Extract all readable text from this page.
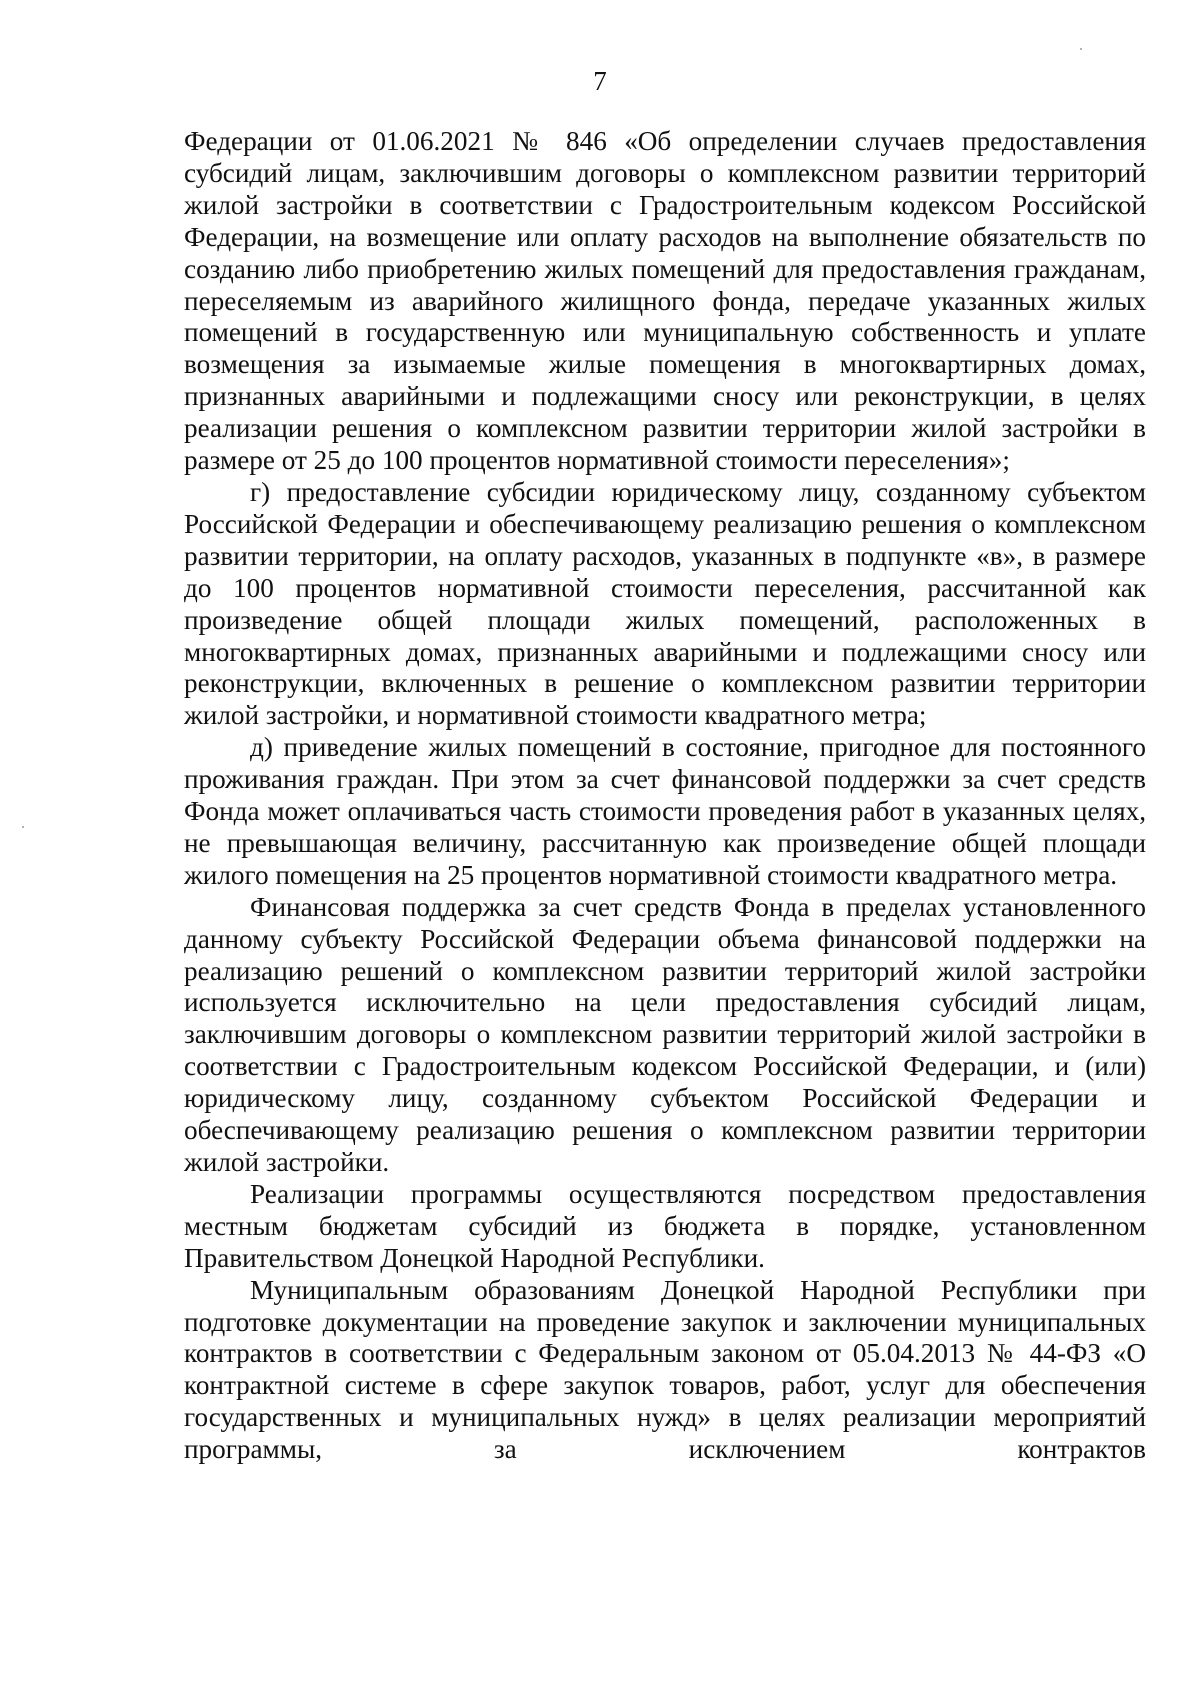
7

Федерации от 01.06.2021 № 846 «Об определении случаев предоставления субсидий лицам, заключившим договоры о комплексном развитии территорий жилой застройки в соответствии с Градостроительным кодексом Российской Федерации, на возмещение или оплату расходов на выполнение обязательств по созданию либо приобретению жилых помещений для предоставления гражданам, переселяемым из аварийного жилищного фонда, передаче указанных жилых помещений в государственную или муниципальную собственность и уплате возмещения за изымаемые жилые помещения в многоквартирных домах, признанных аварийными и подлежащими сносу или реконструкции, в целях реализации решения о комплексном развитии территории жилой застройки в размере от 25 до 100 процентов нормативной стоимости переселения»;

г) предоставление субсидии юридическому лицу, созданному субъектом Российской Федерации и обеспечивающему реализацию решения о комплексном развитии территории, на оплату расходов, указанных в подпункте «в», в размере до 100 процентов нормативной стоимости переселения, рассчитанной как произведение общей площади жилых помещений, расположенных в многоквартирных домах, признанных аварийными и подлежащими сносу или реконструкции, включенных в решение о комплексном развитии территории жилой застройки, и нормативной стоимости квадратного метра;

д) приведение жилых помещений в состояние, пригодное для постоянного проживания граждан. При этом за счет финансовой поддержки за счет средств Фонда может оплачиваться часть стоимости проведения работ в указанных целях, не превышающая величину, рассчитанную как произведение общей площади жилого помещения на 25 процентов нормативной стоимости квадратного метра.

Финансовая поддержка за счет средств Фонда в пределах установленного данному субъекту Российской Федерации объема финансовой поддержки на реализацию решений о комплексном развитии территорий жилой застройки используется исключительно на цели предоставления субсидий лицам, заключившим договоры о комплексном развитии территорий жилой застройки в соответствии с Градостроительным кодексом Российской Федерации, и (или) юридическому лицу, созданному субъектом Российской Федерации и обеспечивающему реализацию решения о комплексном развитии территории жилой застройки.

Реализации программы осуществляются посредством предоставления местным бюджетам субсидий из бюджета в порядке, установленном Правительством Донецкой Народной Республики.

Муниципальным образованиям Донецкой Народной Республики при подготовке документации на проведение закупок и заключении муниципальных контрактов в соответствии с Федеральным законом от 05.04.2013 № 44-ФЗ «О контрактной системе в сфере закупок товаров, работ, услуг для обеспечения государственных и муниципальных нужд» в целях реализации мероприятий программы, за исключением контрактов
